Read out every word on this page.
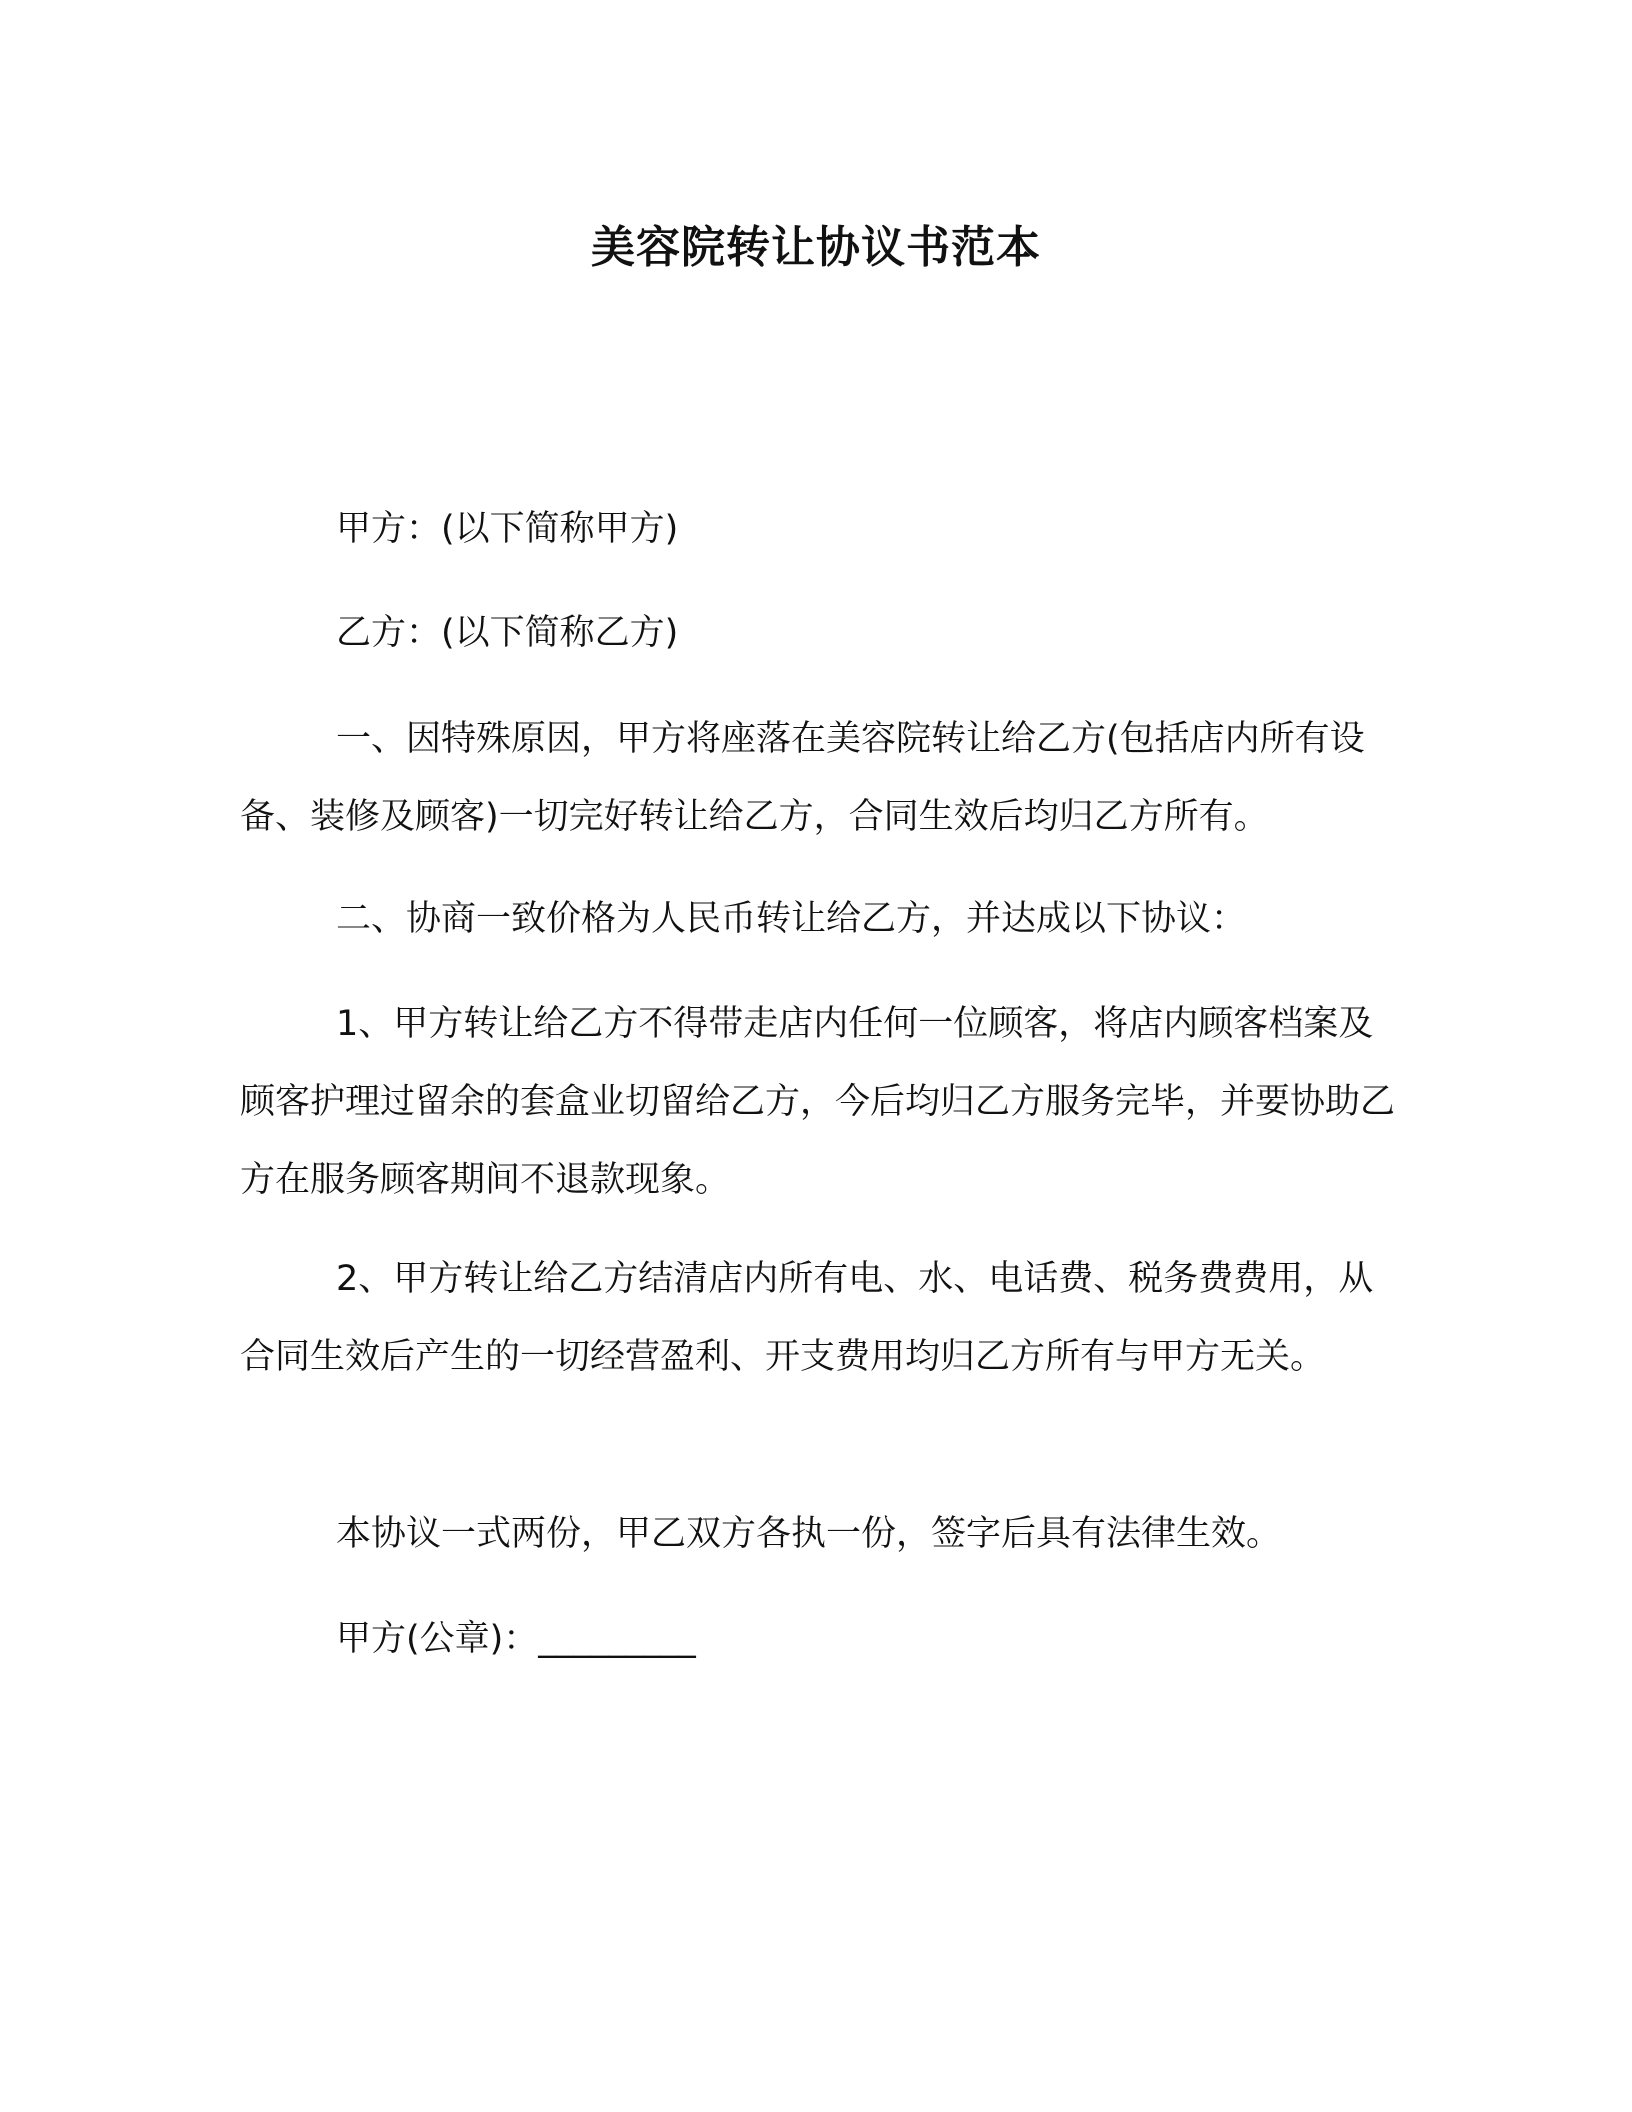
美容院转让协议书范本

甲方：(以下简称甲方)

乙方：(以下简称乙方)

一、因特殊原因，甲方将座落在美容院转让给乙方(包括店内所有设备、装修及顾客)一切完好转让给乙方，合同生效后均归乙方所有。

二、协商一致价格为人民币转让给乙方，并达成以下协议：

1、甲方转让给乙方不得带走店内任何一位顾客，将店内顾客档案及顾客护理过留余的套盒业切留给乙方，今后均归乙方服务完毕，并要协助乙方在服务顾客期间不退款现象。

2、甲方转让给乙方结清店内所有电、水、电话费、税务费费用，从合同生效后产生的一切经营盈利、开支费用均归乙方所有与甲方无关。

本协议一式两份，甲乙双方各执一份，签字后具有法律生效。

甲方(公章)：_________
